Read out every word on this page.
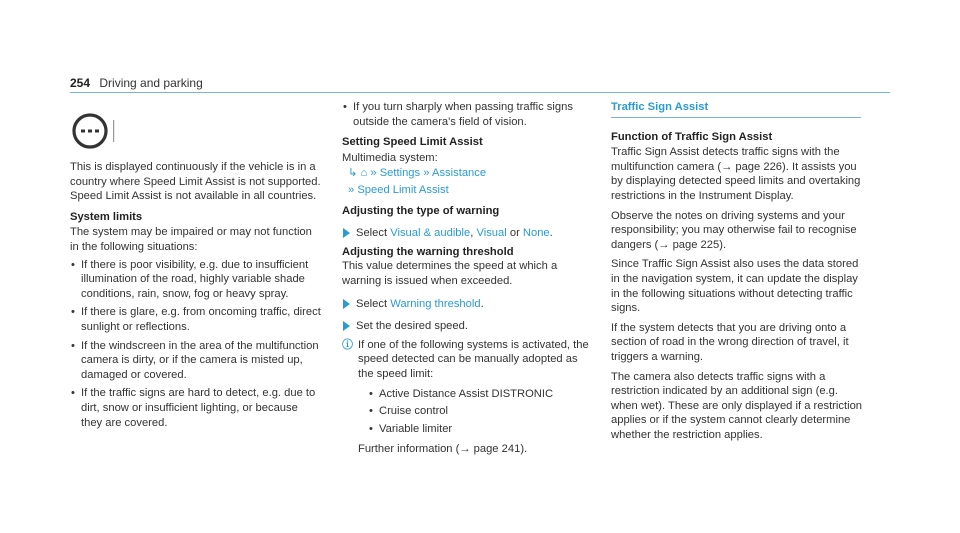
254 Driving and parking

This is displayed continuously if the vehicle is in a country where Speed Limit Assist is not supported. Speed Limit Assist is not available in all countries.

System limits

The system may be impaired or may not function in the following situations:

• If there is poor visibility, e.g. due to insufficient illumination of the road, highly variable shade conditions, rain, snow, fog or heavy spray.
• If there is glare, e.g. from oncoming traffic, direct sunlight or reflections.
• If the windscreen in the area of the multifunction camera is dirty, or if the camera is misted up, damaged or covered.
• If the traffic signs are hard to detect, e.g. due to dirt, snow or insufficient lighting, or because they are covered.
• If you turn sharply when passing traffic signs outside the camera's field of vision.
Setting Speed Limit Assist
Multimedia system:
↳ ⌂ » Settings » Assistance
» Speed Limit Assist
Adjusting the type of warning
Select Visual & audible, Visual or None.
Adjusting the warning threshold

This value determines the speed at which a warning is issued when exceeded.

Select Warning threshold.
Set the desired speed.
ⓘ If one of the following systems is activated, the speed detected can be manually adopted as the speed limit:

• Active Distance Assist DISTRONIC
• Cruise control
• Variable limiter

Further information (→ page 241).

Traffic Sign Assist
Function of Traffic Sign Assist

Traffic Sign Assist detects traffic signs with the multifunction camera (→ page 226). It assists you by displaying detected speed limits and overtaking restrictions in the Instrument Display.

Observe the notes on driving systems and your responsibility; you may otherwise fail to recognise dangers (→ page 225).

Since Traffic Sign Assist also uses the data stored in the navigation system, it can update the display in the following situations without detecting traffic signs.

If the system detects that you are driving onto a section of road in the wrong direction of travel, it triggers a warning.

The camera also detects traffic signs with a restriction indicated by an additional sign (e.g. when wet). These are only displayed if a restriction applies or if the system cannot clearly determine whether the restriction applies.
